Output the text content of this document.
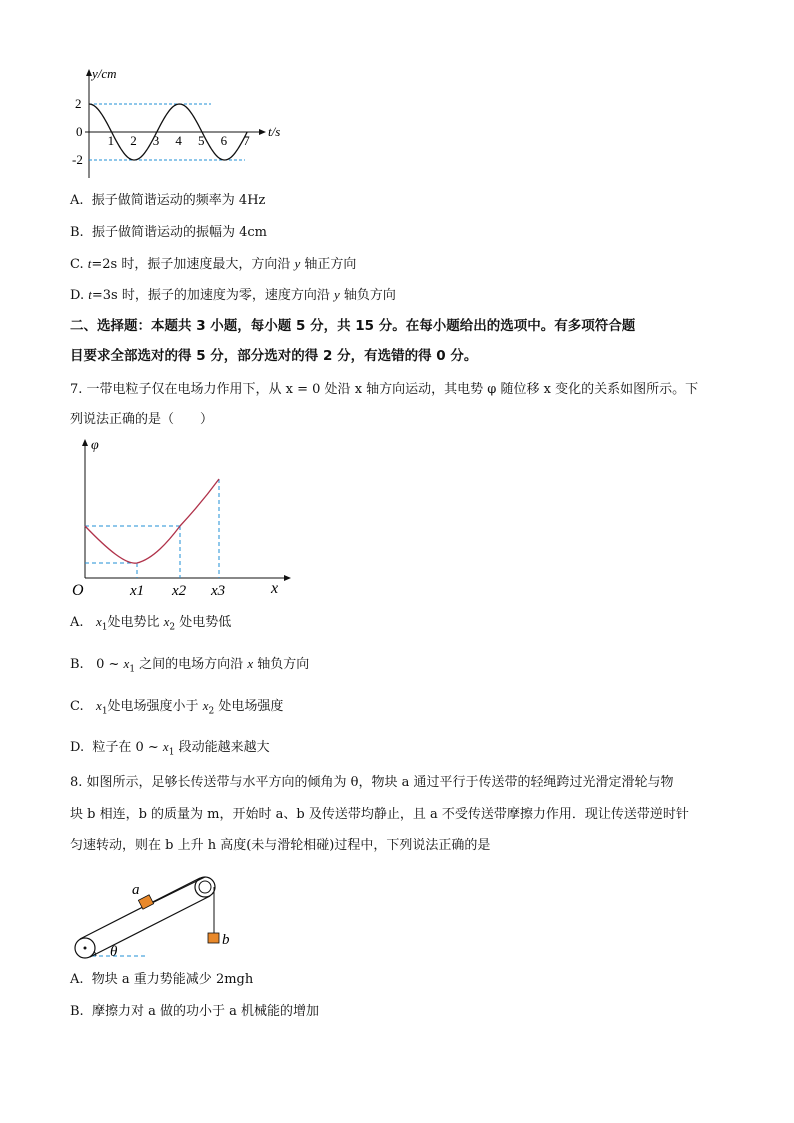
y/cm
t/s
0
2
-2
1 2 3 4 5 6 7
A. 振子做简谐运动的频率为 4Hz
B. 振子做简谐运动的振幅为 4cm
C. t=2s 时，振子加速度最大，方向沿 y 轴正方向
D. t=3s 时，振子的加速度为零，速度方向沿 y 轴负方向
二、选择题：本题共 3 小题，每小题 5 分，共 15 分。在每小题给出的选项中。有多项符合题
目要求全部选对的得 5 分，部分选对的得 2 分，有选错的得 0 分。
7. 一带电粒子仅在电场力作用下，从 x = 0 处沿 x 轴方向运动，其电势 φ 随位移 x 变化的关系如图所示。下
列说法正确的是（　　）
φ
x
O	x1 x2 x3
A. $x_1$处电势比 $x_2$ 处电势低
B. 0 ~ $x_1$ 之间的电场方向沿 x 轴负方向
C. $x_1$处电场强度小于 $x_2$ 处电场强度
D. 粒子在 0 ~ $x_1$ 段动能越来越大
8. 如图所示，足够长传送带与水平方向的倾角为 θ，物块 a 通过平行于传送带的轻绳跨过光滑定滑轮与物
块 b 相连，b 的质量为 m，开始时 a、b 及传送带均静止，且 a 不受传送带摩擦力作用．现让传送带逆时针
匀速转动，则在 b 上升 h 高度(未与滑轮相碰)过程中，下列说法正确的是
a
b
θ
A. 物块 a 重力势能减少 2mgh
B. 摩擦力对 a 做的功小于 a 机械能的增加
